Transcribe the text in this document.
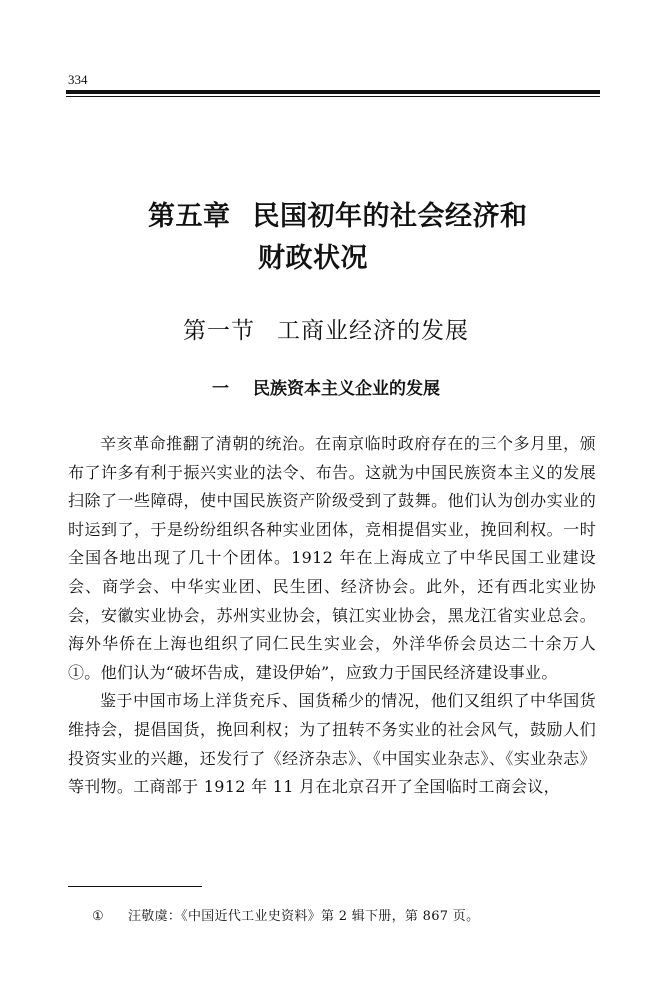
334
第五章 民国初年的社会经济和
财政状况
第一节 工商业经济的发展
一 民族资本主义企业的发展

辛亥革命推翻了清朝的统治。在南京临时政府存在的三个多月里，颁布了许多有利于振兴实业的法令、布告。这就为中国民族资本主义的发展扫除了一些障碍，使中国民族资产阶级受到了鼓舞。他们认为创办实业的时运到了，于是纷纷组织各种实业团体，竞相提倡实业，挽回利权。一时全国各地出现了几十个团体。1912 年在上海成立了中华民国工业建设会、商学会、中华实业团、民生团、经济协会。此外，还有西北实业协会，安徽实业协会，苏州实业协会，镇江实业协会，黑龙江省实业总会。海外华侨在上海也组织了同仁民生实业会，外洋华侨会员达二十余万人①。他们认为“破坏告成，建设伊始”，应致力于国民经济建设事业。

鉴于中国市场上洋货充斥、国货稀少的情况，他们又组织了中华国货维持会，提倡国货，挽回利权；为了扭转不务实业的社会风气，鼓励人们投资实业的兴趣，还发行了《经济杂志》、《中国实业杂志》、《实业杂志》等刊物。工商部于 1912 年 11 月在北京召开了全国临时工商会议，

① 汪敬虞：《中国近代工业史资料》第 2 辑下册，第 867 页。
